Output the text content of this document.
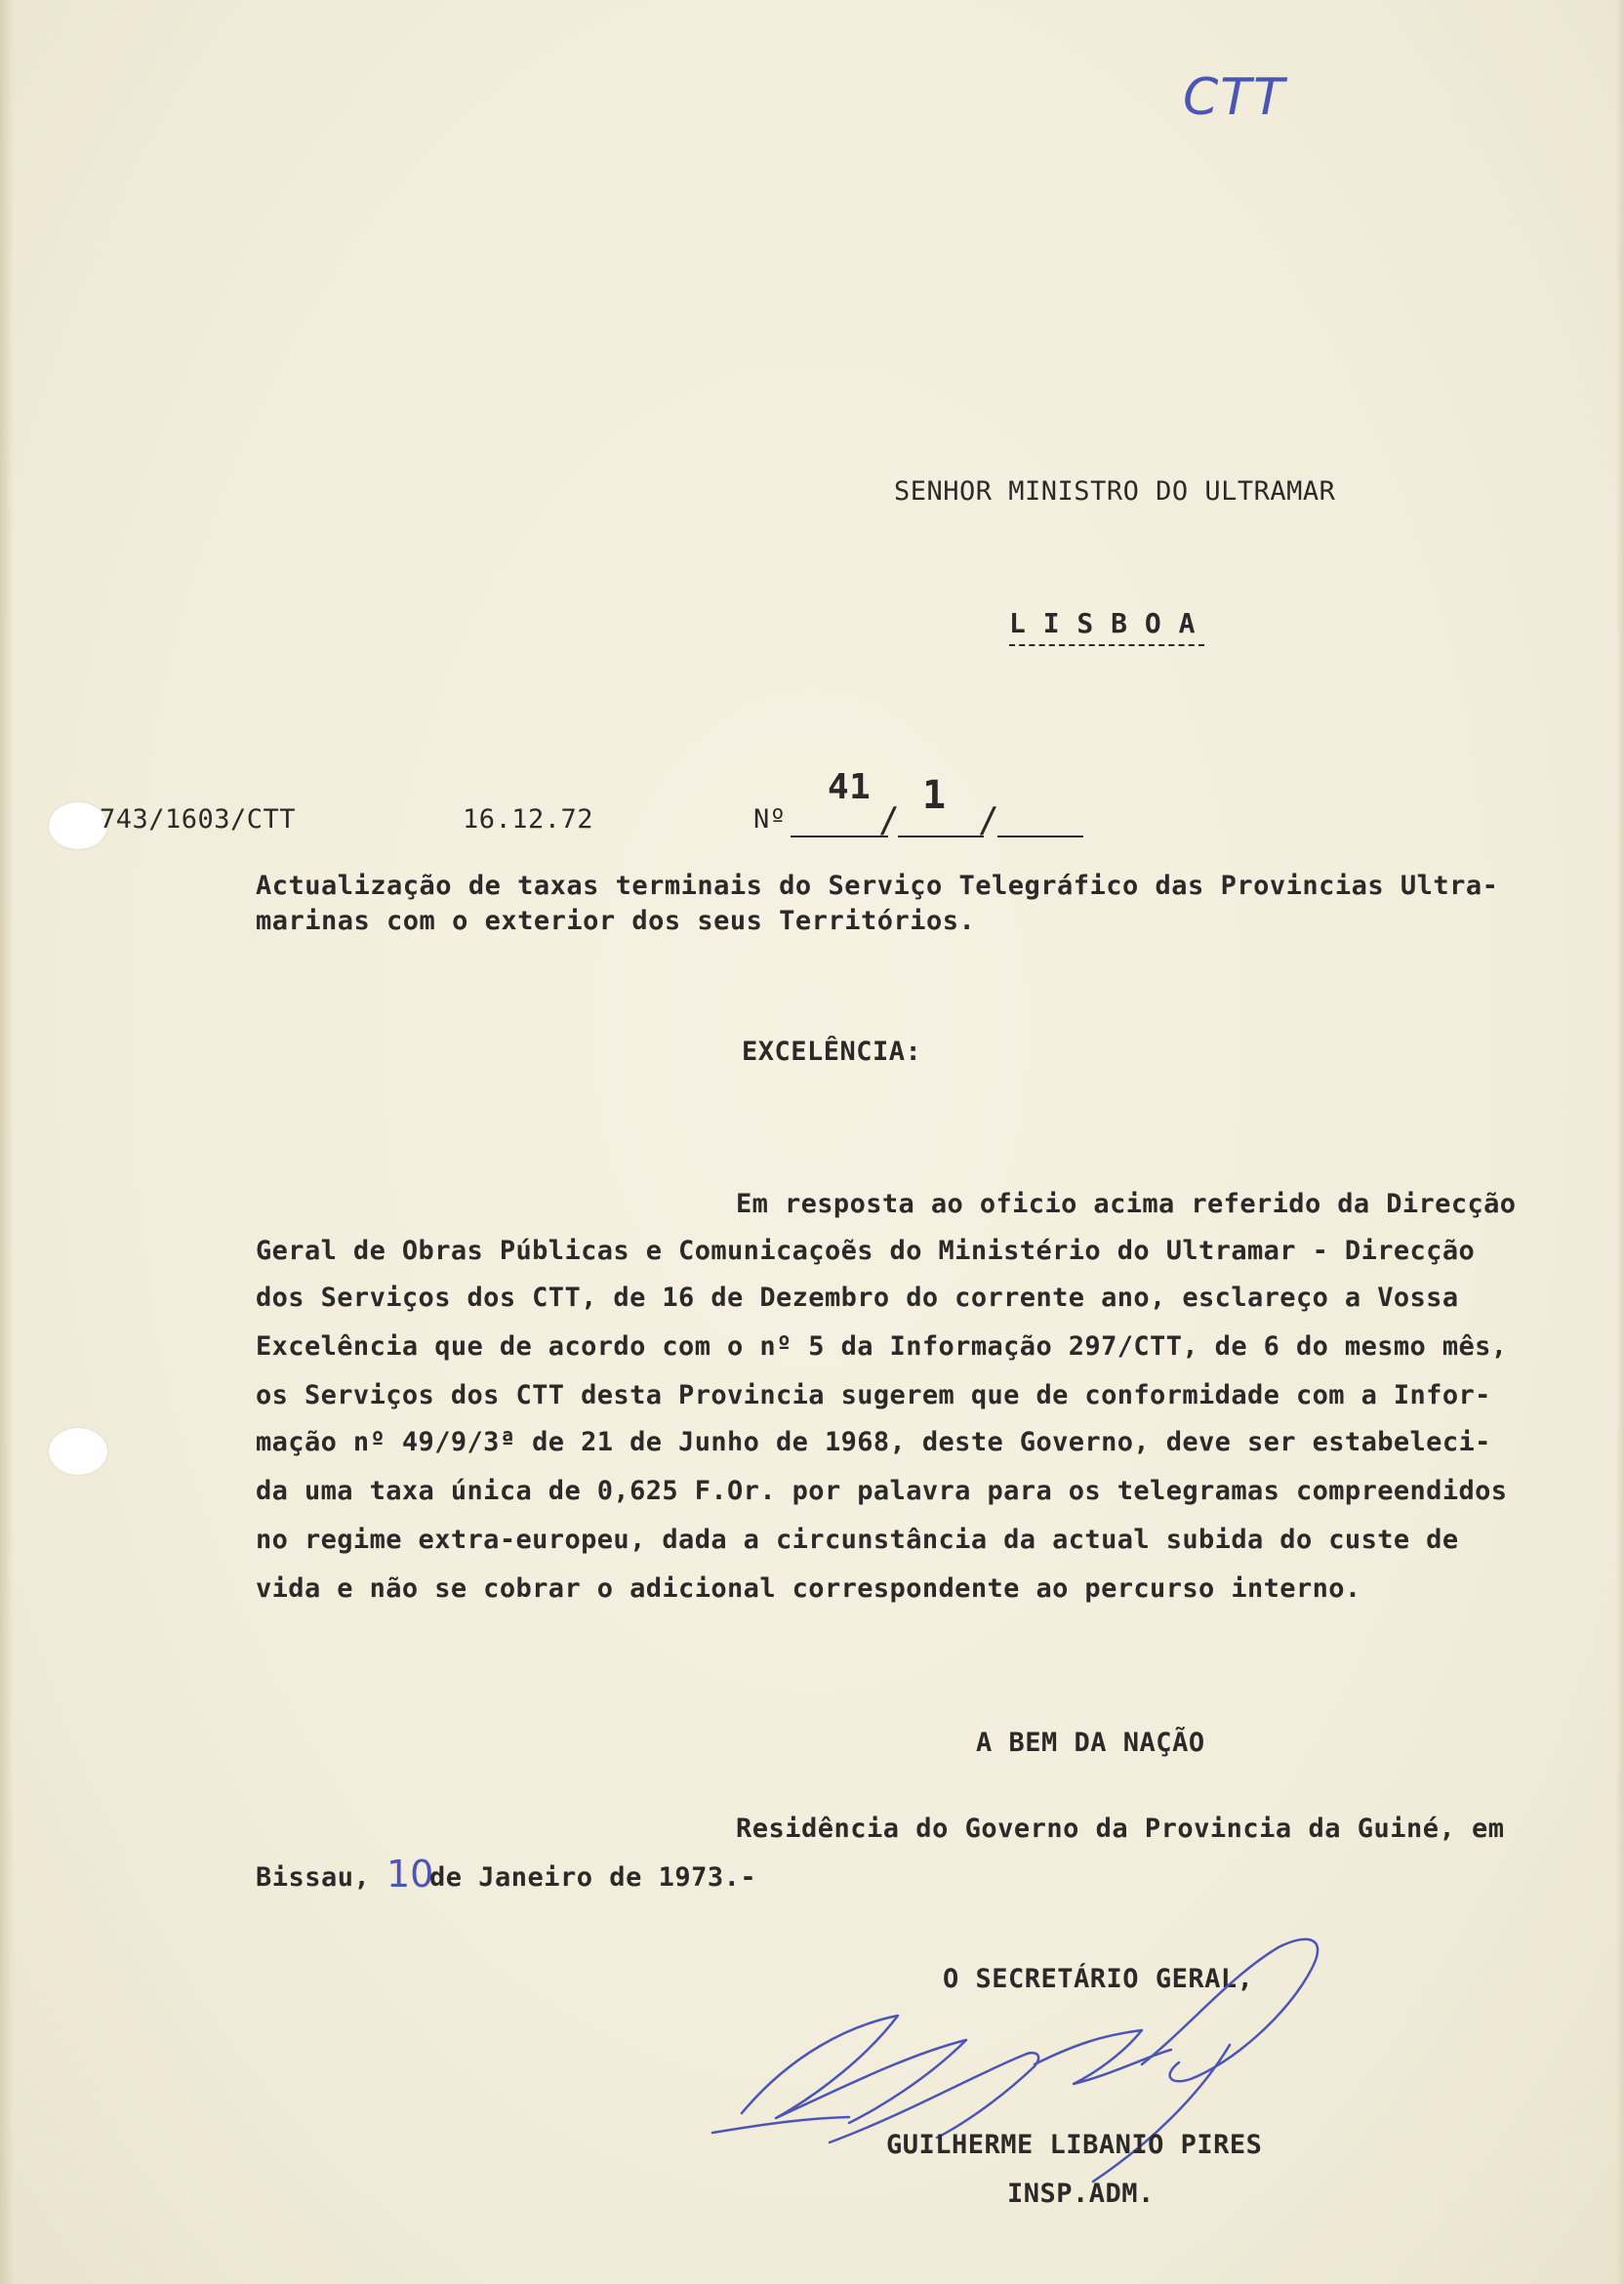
CTT
SENHOR MINISTRO DO ULTRAMAR
L I S B O A
743/1603/CTT	16.12.72	Nº
41
/
1
/
Actualização de taxas terminais do Serviço Telegráfico das Provincias Ultra-
marinas com o exterior dos seus Territórios.
EXCELÊNCIA:
Em resposta ao oficio acima referido da Direcção
Geral de Obras Públicas e Comunicaçoẽs do Ministério do Ultramar - Direcção
dos Serviços dos CTT, de 16 de Dezembro do corrente ano, esclareço a Vossa
Excelência que de acordo com o nº 5 da Informação 297/CTT, de 6 do mesmo mês,
os Serviços dos CTT desta Provincia sugerem que de conformidade com a Infor-
mação nº 49/9/3ª de 21 de Junho de 1968, deste Governo, deve ser estabeleci-
da uma taxa única de 0,625 F.Or. por palavra para os telegramas compreendidos
no regime extra-europeu, dada a circunstância da actual subida do custe de
vida e não se cobrar o adicional correspondente ao percurso interno.
A BEM DA NAÇÃO
Residência do Governo da Provincia da Guiné, em
Bissau, 10
de Janeiro de 1973.-
O SECRETÁRIO GERAL,
GUILHERME LIBANIO PIRES
INSP.ADM.
